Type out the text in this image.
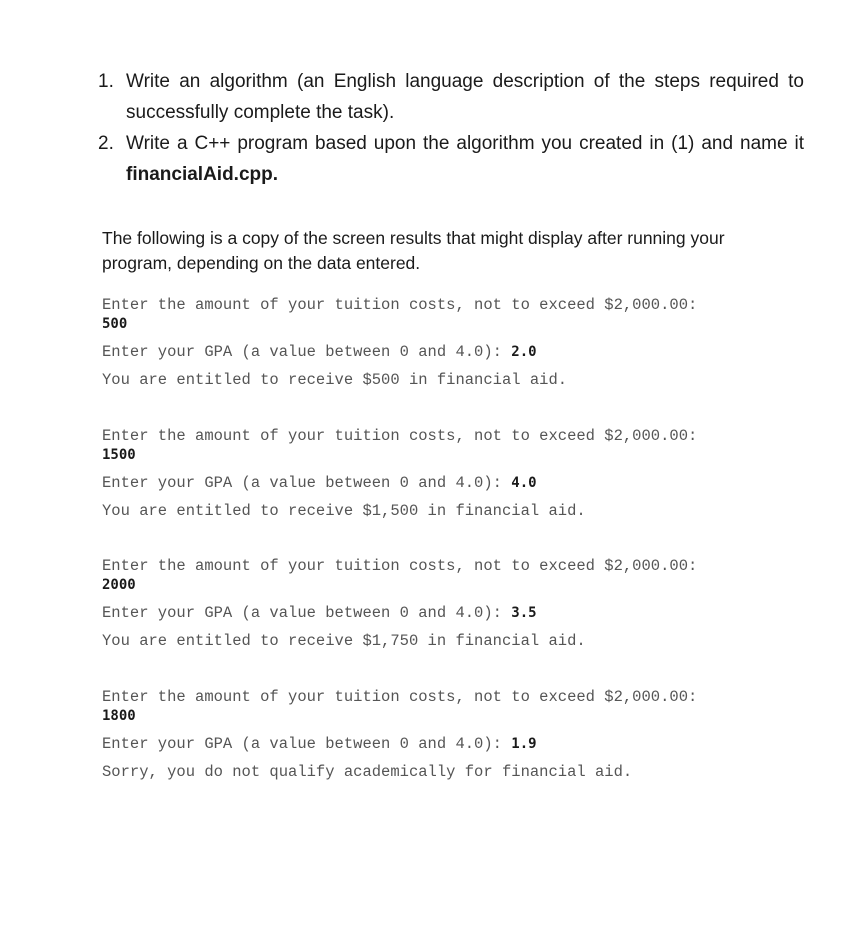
1. Write an algorithm (an English language description of the steps required to successfully complete the task).
2. Write a C++ program based upon the algorithm you created in (1) and name it financialAid.cpp.

The following is a copy of the screen results that might display after running your program, depending on the data entered.

Enter the amount of your tuition costs, not to exceed $2,000.00:
500
Enter your GPA (a value between 0 and 4.0): 2.0
You are entitled to receive $500 in financial aid.
Enter the amount of your tuition costs, not to exceed $2,000.00:
1500
Enter your GPA (a value between 0 and 4.0): 4.0
You are entitled to receive $1,500 in financial aid.
Enter the amount of your tuition costs, not to exceed $2,000.00:
2000
Enter your GPA (a value between 0 and 4.0): 3.5
You are entitled to receive $1,750 in financial aid.
Enter the amount of your tuition costs, not to exceed $2,000.00:
1800
Enter your GPA (a value between 0 and 4.0): 1.9
Sorry, you do not qualify academically for financial aid.
